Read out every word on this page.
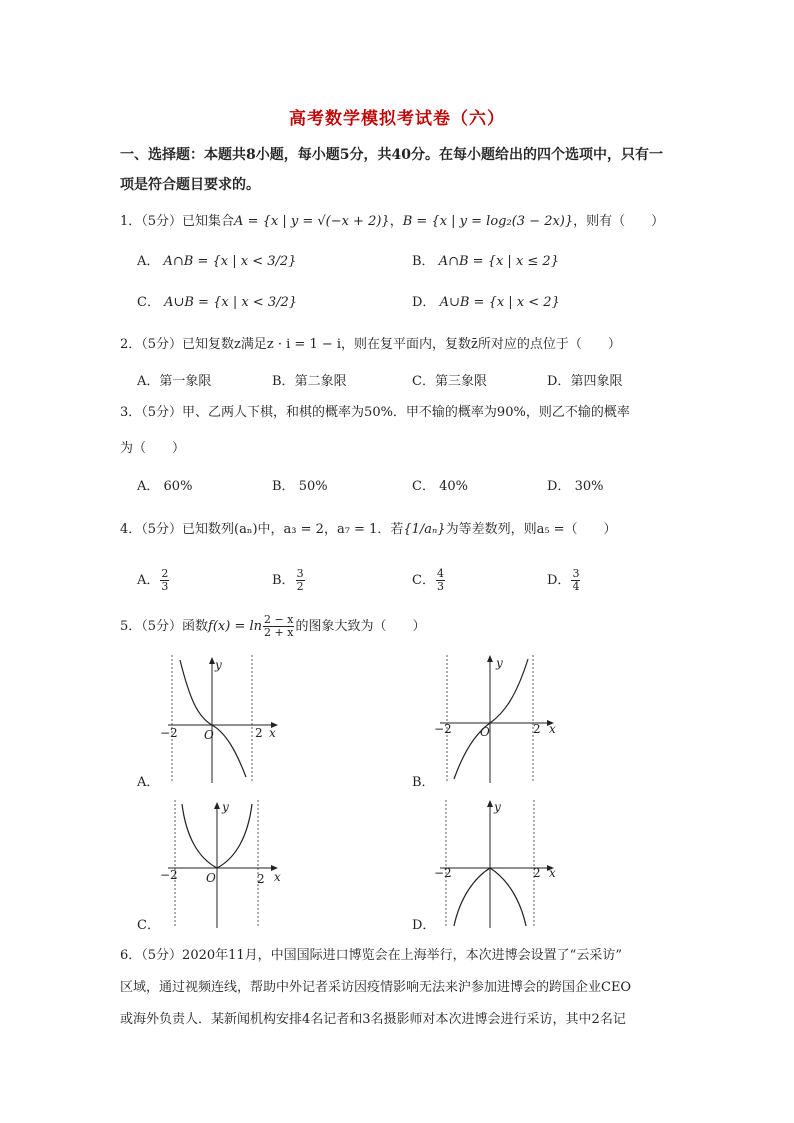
高考数学模拟考试卷（六）
一、选择题：本题共8小题，每小题5分，共40分。在每小题给出的四个选项中，只有一
项是符合题目要求的。
1．（5分）已知集合A = {x | y = √(−x + 2)}，B = {x | y = log₂(3 − 2x)}，则有（　　）
A． A∩B = {x | x < 3/2}	B． A∩B = {x | x ≤ 2}
C． A∪B = {x | x < 3/2}	D． A∪B = {x | x < 2}
2．（5分）已知复数z满足z · i = 1 − i，则在复平面内，复数z̄所对应的点位于（　　）
A．第一象限	B．第二象限	C．第三象限	D．第四象限
3．（5分）甲、乙两人下棋，和棋的概率为50%．甲不输的概率为90%，则乙不输的概率
为（　　）
A． 60%	B． 50%	C． 40%	D． 30%
4．（5分）已知数列(aₙ)中，a₃ = 2，a₇ = 1．若{1/aₙ}为等差数列，则a₅ =（　　）
A． $\frac{2}{3}$	B． $\frac{3}{2}$	C． $\frac{4}{3}$	D． $\frac{3}{4}$
5．（5分）函数$f(x) = \ln \frac{2 - x}{2 + x}$ 的图象大致为（　　）
y
x
O
−2	2
A．
y
x
O
−2	2
B．
y
x
O
−2	2
C．
y
x
−2	2
D．
6．（5分）2020年11月，中国国际进口博览会在上海举行，本次进博会设置了“云采访”
区域，通过视频连线，帮助中外记者采访因疫情影响无法来沪参加进博会的跨国企业CEO
或海外负责人．某新闻机构安排4名记者和3名摄影师对本次进博会进行采访，其中2名记
